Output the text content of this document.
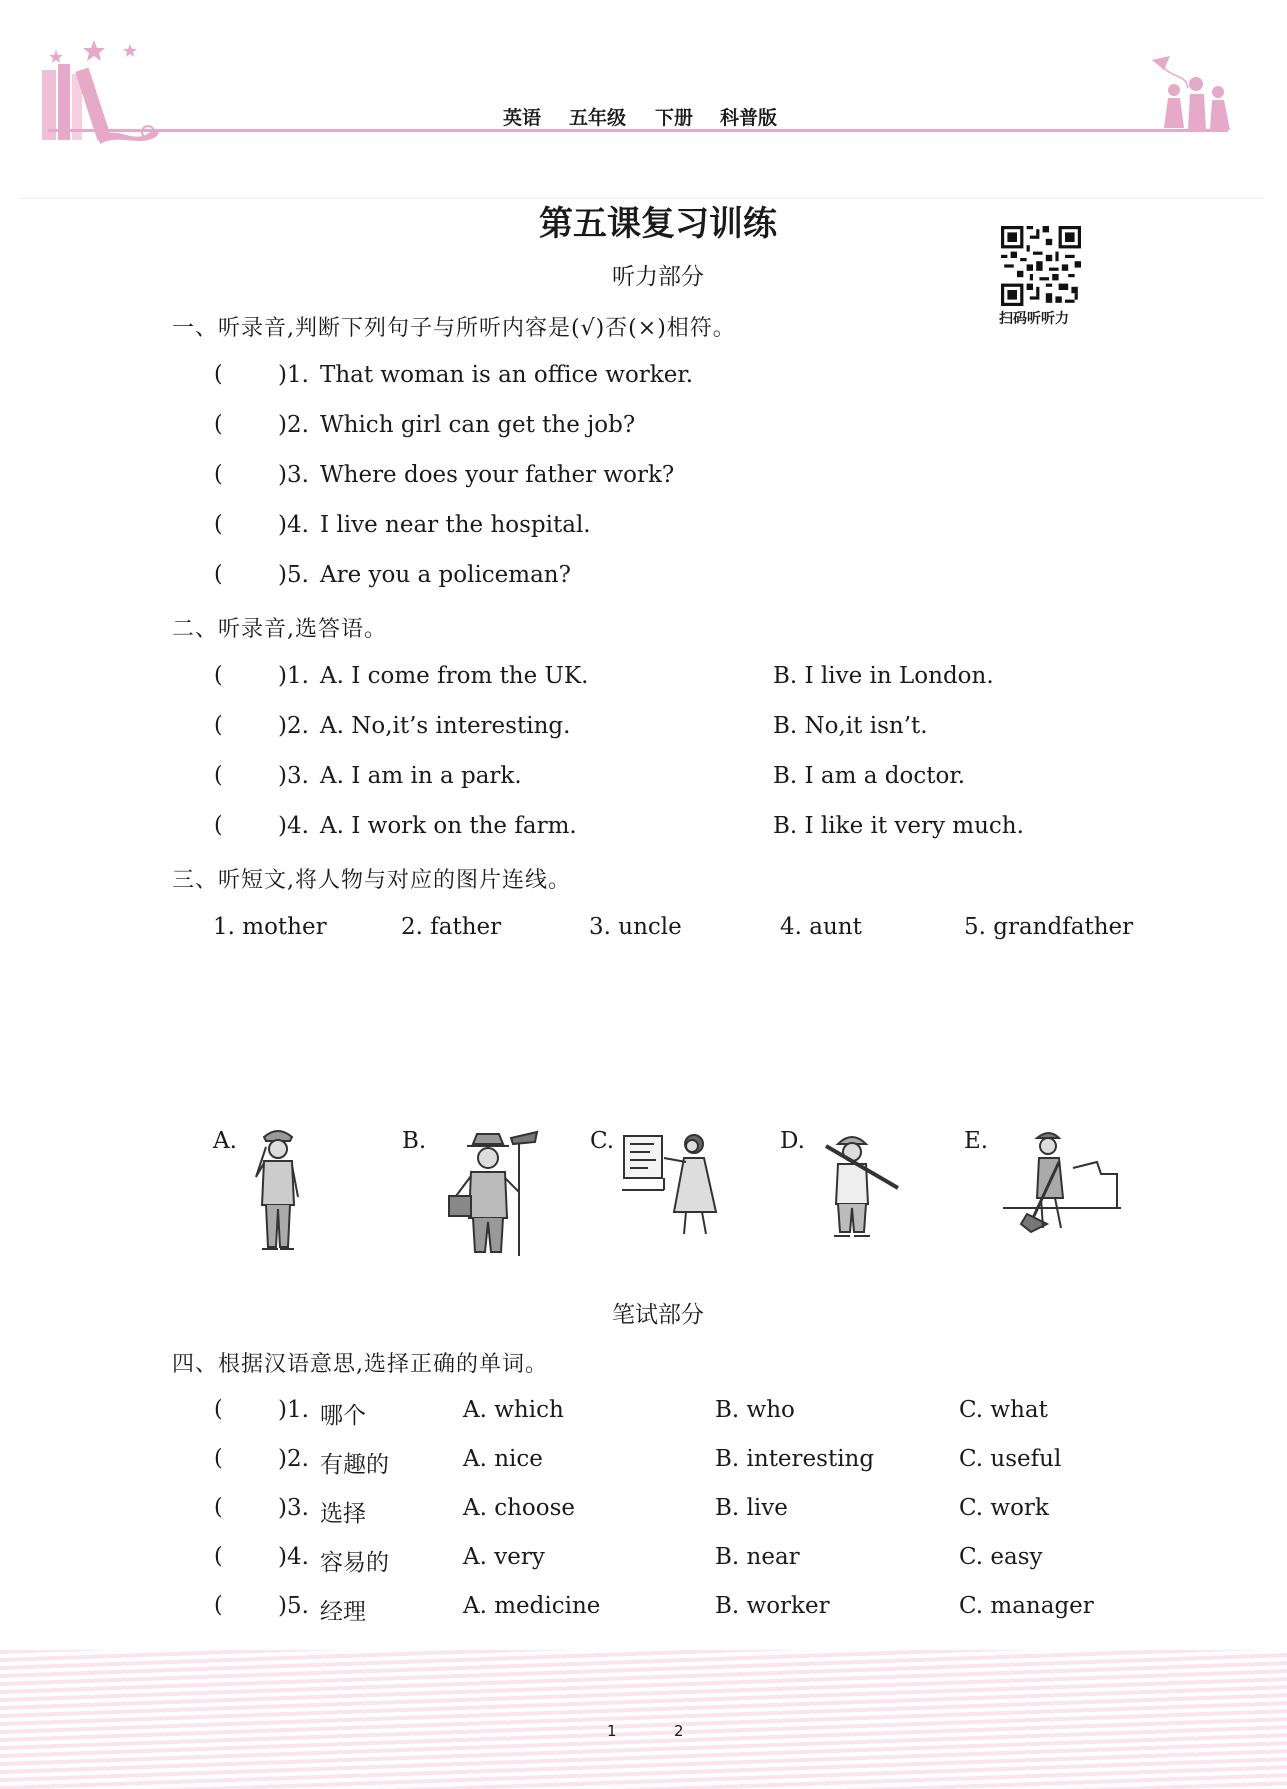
英语 五年级 下册 科普版
第五课复习训练
扫码听听力
听力部分
一、听录音,判断下列句子与所听内容是(√)否(×)相符。
( )1. That woman is an office worker.
( )2. Which girl can get the job?
( )3. Where does your father work?
( )4. I live near the hospital.
( )5. Are you a policeman?
二、听录音,选答语。
( )1. A. I come from the UK.	B. I live in London.
( )2. A. No,it’s interesting.	B. No,it isn’t.
( )3. A. I am in a park.	B. I am a doctor.
( )4. A. I work on the farm.	B. I like it very much.
三、听短文,将人物与对应的图片连线。
1. mother	2. father	3. uncle	4. aunt	5. grandfather
A.	B.	C.	D.	E.
笔试部分
四、根据汉语意思,选择正确的单词。
( )1. 哪个	A. which	B. who	C. what
( )2. 有趣的	A. nice	B. interesting	C. useful
( )3. 选择	A. choose	B. live	C. work
( )4. 容易的	A. very	B. near	C. easy
( )5. 经理	A. medicine	B. worker	C. manager
1	2
